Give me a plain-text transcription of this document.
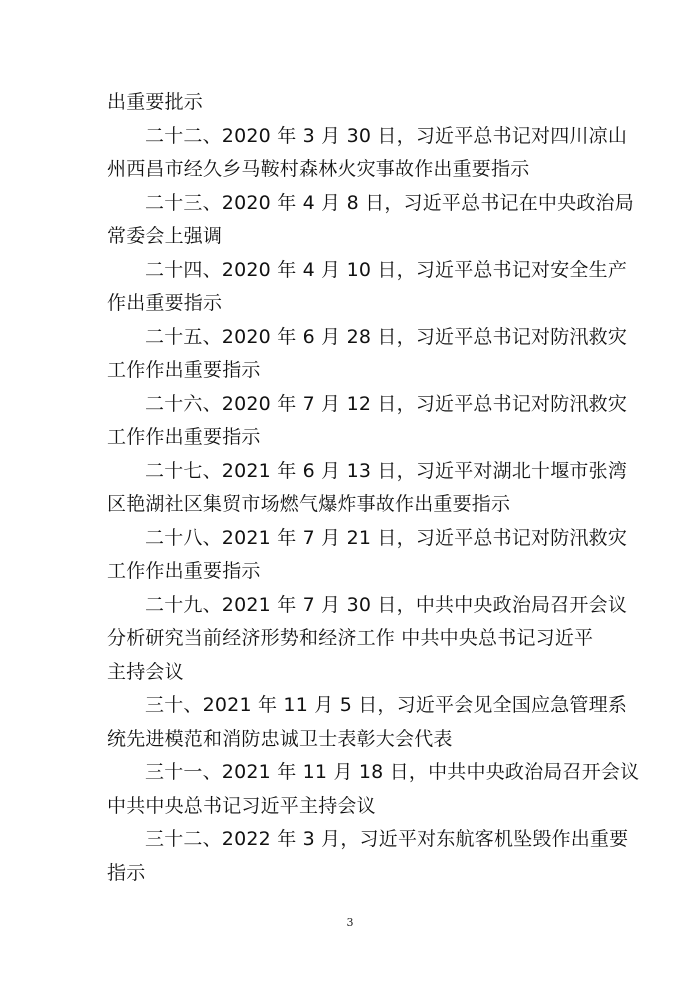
出重要批示
二十二、2020 年 3 月 30 日，习近平总书记对四川凉山
州西昌市经久乡马鞍村森林火灾事故作出重要指示
二十三、2020 年 4 月 8 日，习近平总书记在中央政治局
常委会上强调
二十四、2020 年 4 月 10 日，习近平总书记对安全生产
作出重要指示
二十五、2020 年 6 月 28 日，习近平总书记对防汛救灾
工作作出重要指示
二十六、2020 年 7 月 12 日，习近平总书记对防汛救灾
工作作出重要指示
二十七、2021 年 6 月 13 日，习近平对湖北十堰市张湾
区艳湖社区集贸市场燃气爆炸事故作出重要指示
二十八、2021 年 7 月 21 日，习近平总书记对防汛救灾
工作作出重要指示
二十九、2021 年 7 月 30 日，中共中央政治局召开会议
分析研究当前经济形势和经济工作 中共中央总书记习近平
主持会议
三十、2021 年 11 月 5 日，习近平会见全国应急管理系
统先进模范和消防忠诚卫士表彰大会代表
三十一、2021 年 11 月 18 日，中共中央政治局召开会议
中共中央总书记习近平主持会议
三十二、2022 年 3 月，习近平对东航客机坠毁作出重要
指示
3
